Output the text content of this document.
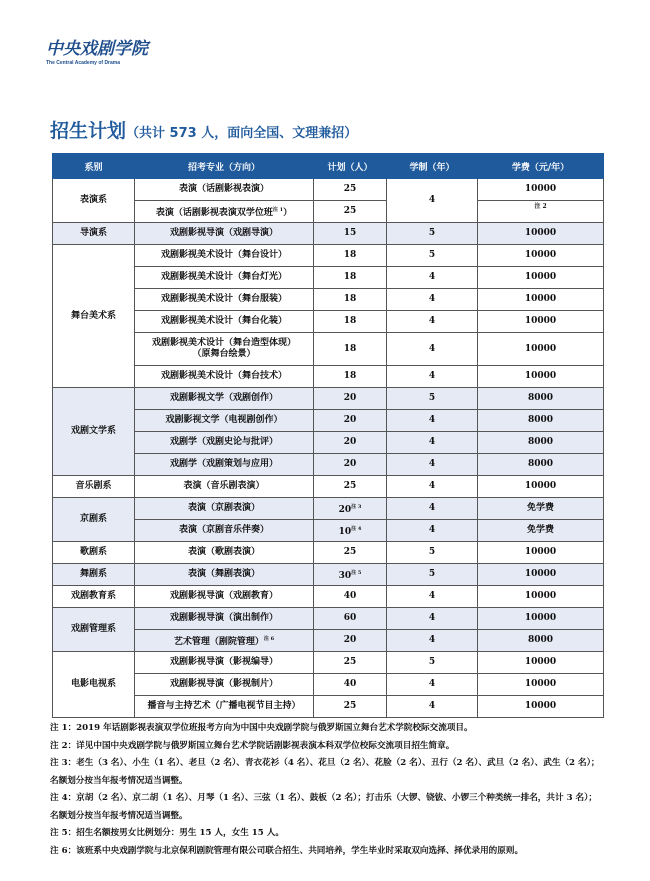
中央戏剧学院
The Central Academy of Drama
招生计划（共计 573 人，面向全国、文理兼招）
系别	招考专业（方向）	计划（人）	学制（年）	学费（元/年）
表演系	表演（话剧影视表演）	25	4	10000
	表演（话剧影视表演双学位班$^{注 1}$）	25		注 2
导演系	戏剧影视导演（戏剧导演）	15	5	10000
舞台美术系	戏剧影视美术设计（舞台设计）	18	5	10000
	戏剧影视美术设计（舞台灯光）	18	4	10000
	戏剧影视美术设计（舞台服装）	18	4	10000
	戏剧影视美术设计（舞台化装）	18	4	10000
	戏剧影视美术设计（舞台造型体现）
（原舞台绘景）	18	4	10000
	戏剧影视美术设计（舞台技术）	18	4	10000
戏剧文学系	戏剧影视文学（戏剧创作）	20	5	8000
	戏剧影视文学（电视剧创作）	20	4	8000
	戏剧学（戏剧史论与批评）	20	4	8000
	戏剧学（戏剧策划与应用）	20	4	8000
音乐剧系	表演（音乐剧表演）	25	4	10000
京剧系	表演（京剧表演）	$20^{注 3}$	4	免学费
	表演（京剧音乐伴奏）	$10^{注 4}$	4	免学费
歌剧系	表演（歌剧表演）	25	5	10000
舞剧系	表演（舞剧表演）	$30^{注 5}$	5	10000
戏剧教育系	戏剧影视导演（戏剧教育）	40	4	10000
戏剧管理系	戏剧影视导演（演出制作）	60	4	10000
	艺术管理（剧院管理）$^{注 6}$	20	4	8000
电影电视系	戏剧影视导演（影视编导）	25	5	10000
	戏剧影视导演（影视制片）	40	4	10000
	播音与主持艺术（广播电视节目主持）	25	4	10000
注 1：2019 年话剧影视表演双学位班报考方向为中国中央戏剧学院与俄罗斯国立舞台艺术学院校际交流项目。
注 2：详见中国中央戏剧学院与俄罗斯国立舞台艺术学院话剧影视表演本科双学位校际交流项目招生简章。
注 3：老生（3 名）、小生（1 名）、老旦（2 名）、青衣花衫（4 名）、花旦（2 名）、花脸（2 名）、丑行（2 名）、武旦（2 名）、武生（2 名）；
名额划分按当年报考情况适当调整。
注 4：京胡（2 名）、京二胡（1 名）、月琴（1 名）、三弦（1 名）、鼓板（2 名）；打击乐（大锣、铙钹、小锣三个种类统一排名，共计 3 名）；
名额划分按当年报考情况适当调整。
注 5：招生名额按男女比例划分：男生 15 人，女生 15 人。
注 6：该班系中央戏剧学院与北京保利剧院管理有限公司联合招生、共同培养，学生毕业时采取双向选择、择优录用的原则。
